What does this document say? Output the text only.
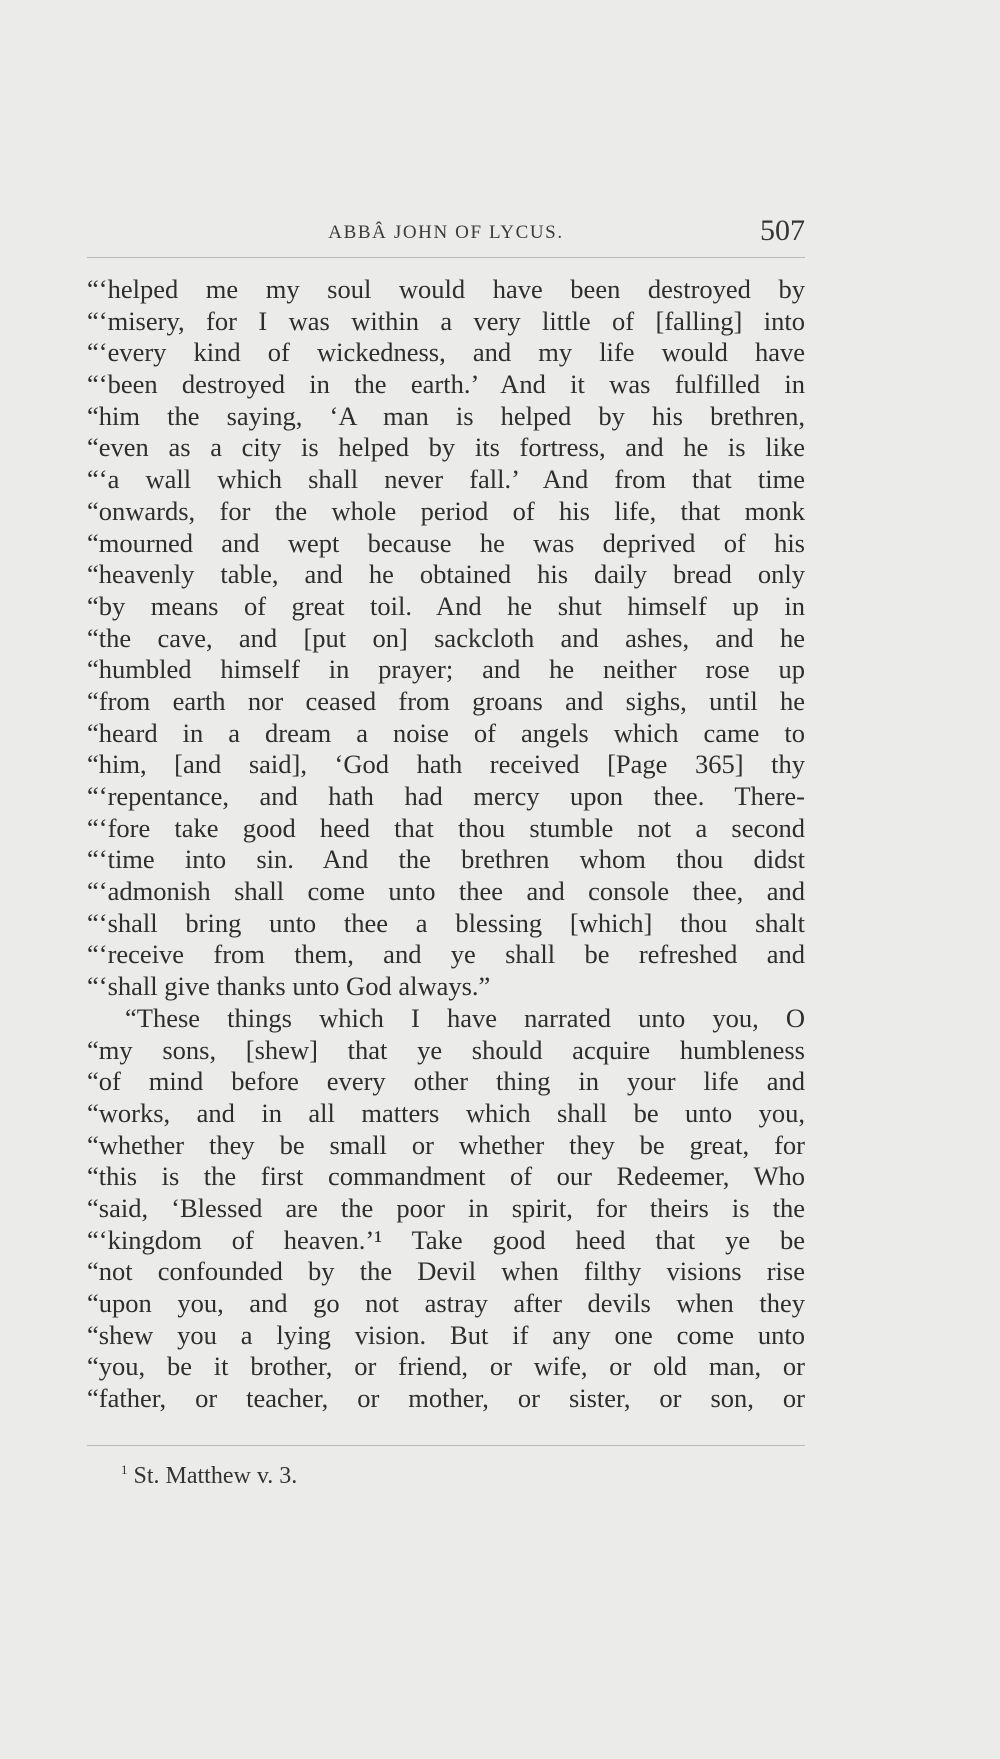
ABBÂ JOHN OF LYCUS.	507
“‘helped me my soul would have been destroyed by
“‘misery, for I was within a very little of [falling] into
“‘every kind of wickedness, and my life would have
“‘been destroyed in the earth.’ And it was fulfilled in
“him the saying, ‘A man is helped by his brethren,
“even as a city is helped by its fortress, and he is like
“‘a wall which shall never fall.’ And from that time
“onwards, for the whole period of his life, that monk
“mourned and wept because he was deprived of his
“heavenly table, and he obtained his daily bread only
“by means of great toil. And he shut himself up in
“the cave, and [put on] sackcloth and ashes, and he
“humbled himself in prayer; and he neither rose up
“from earth nor ceased from groans and sighs, until he
“heard in a dream a noise of angels which came to
“him, [and said], ‘God hath received [Page 365] thy
“‘repentance, and hath had mercy upon thee. There-
“‘fore take good heed that thou stumble not a second
“‘time into sin. And the brethren whom thou didst
“‘admonish shall come unto thee and console thee, and
“‘shall bring unto thee a blessing [which] thou shalt
“‘receive from them, and ye shall be refreshed and
“‘shall give thanks unto God always.”
“These things which I have narrated unto you, O
“my sons, [shew] that ye should acquire humbleness
“of mind before every other thing in your life and
“works, and in all matters which shall be unto you,
“whether they be small or whether they be great, for
“this is the first commandment of our Redeemer, Who
“said, ‘Blessed are the poor in spirit, for theirs is the
“‘kingdom of heaven.’¹ Take good heed that ye be
“not confounded by the Devil when filthy visions rise
“upon you, and go not astray after devils when they
“shew you a lying vision. But if any one come unto
“you, be it brother, or friend, or wife, or old man, or
“father, or teacher, or mother, or sister, or son, or
$^1$ St. Matthew v. 3.
